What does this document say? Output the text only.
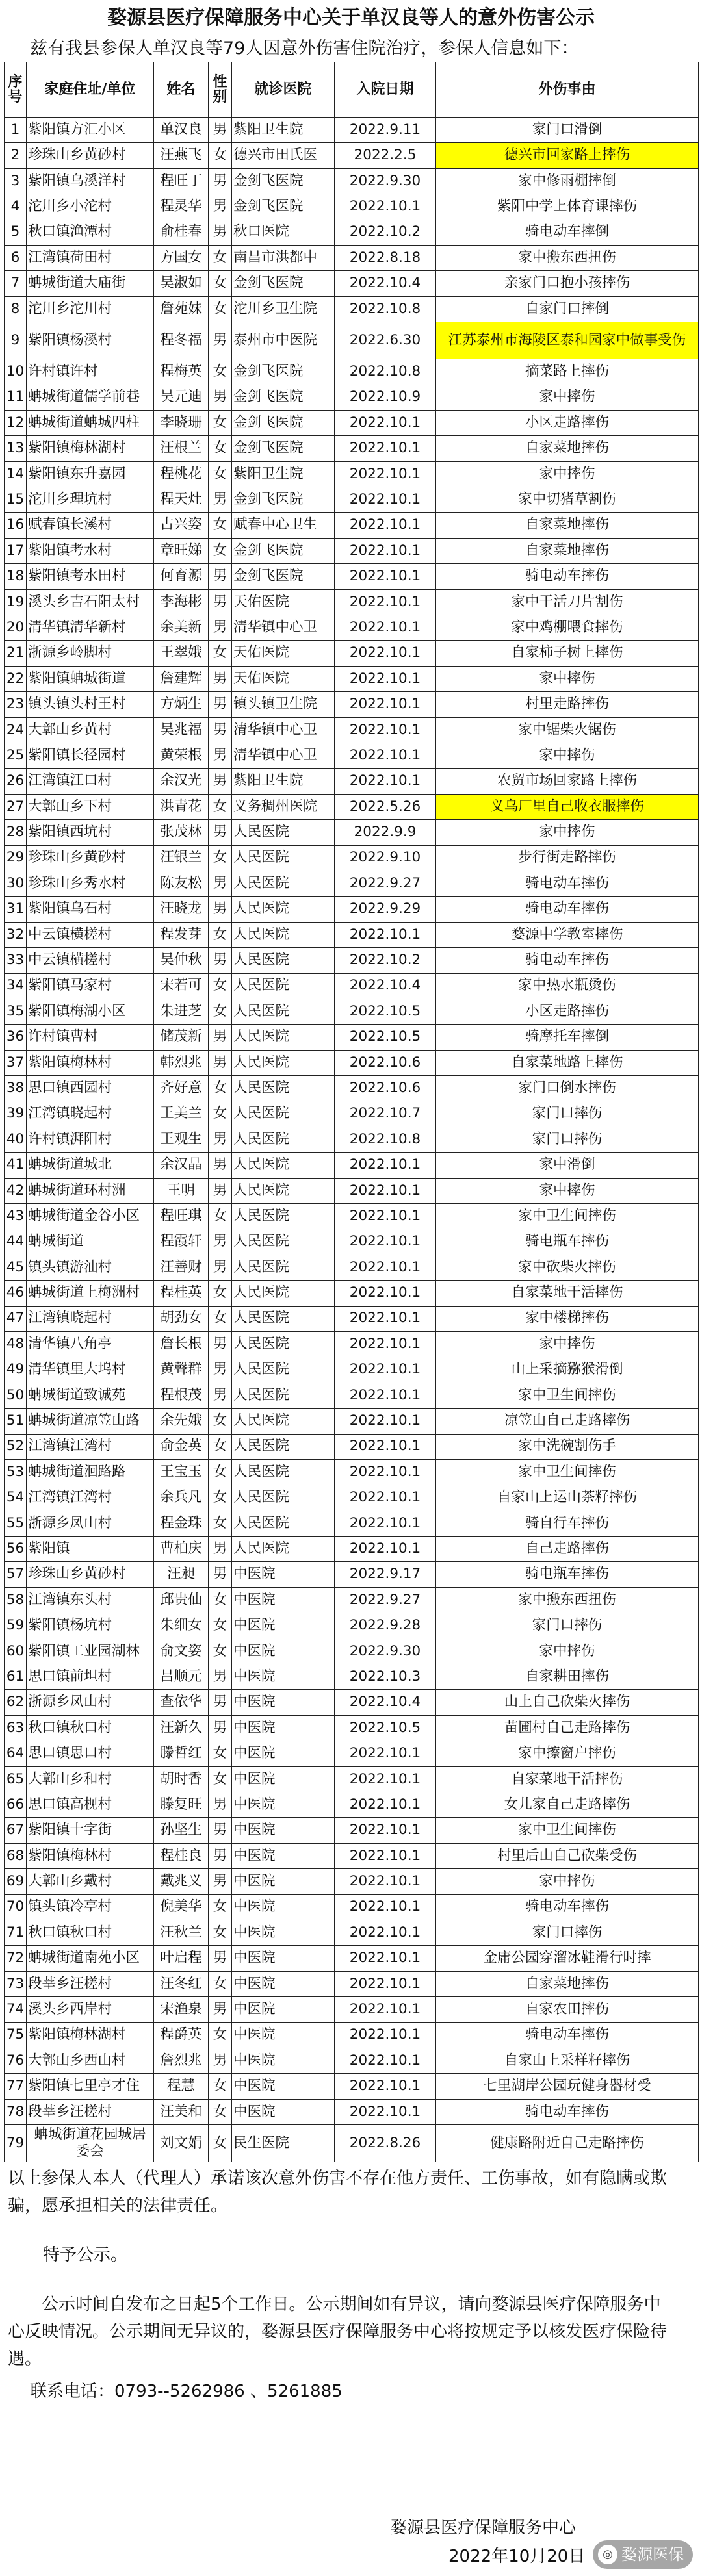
婺源县医疗保障服务中心关于单汉良等人的意外伤害公示
兹有我县参保人单汉良等79人因意外伤害住院治疗，参保人信息如下：
序号	家庭住址/单位	姓名	性别	就诊医院	入院日期	外伤事由
1	紫阳镇方汇小区	单汉良	男	紫阳卫生院	2022.9.11	家门口滑倒
2	珍珠山乡黄砂村	汪燕飞	女	德兴市田氏医	2022.2.5	德兴市回家路上摔伤
3	紫阳镇乌溪洋村	程旺丁	男	金剑飞医院	2022.9.30	家中修雨棚摔倒
4	沱川乡小沱村	程灵华	男	金剑飞医院	2022.10.1	紫阳中学上体育课摔伤
5	秋口镇渔潭村	俞桂春	男	秋口医院	2022.10.2	骑电动车摔倒
6	江湾镇荷田村	方国女	女	南昌市洪都中	2022.8.18	家中搬东西扭伤
7	蚺城街道大庙街	吴淑如	女	金剑飞医院	2022.10.4	亲家门口抱小孩摔伤
8	沱川乡沱川村	詹苑妹	女	沱川乡卫生院	2022.10.8	自家门口摔倒
9	紫阳镇杨溪村	程冬福	男	泰州市中医院	2022.6.30	江苏泰州市海陵区泰和园家中做事受伤
10	许村镇许村	程梅英	女	金剑飞医院	2022.10.8	摘菜路上摔伤
11	蚺城街道儒学前巷	吴元迪	男	金剑飞医院	2022.10.9	家中摔伤
12	蚺城街道蚺城四柱	李晓珊	女	金剑飞医院	2022.10.1	小区走路摔伤
13	紫阳镇梅林湖村	汪根兰	女	金剑飞医院	2022.10.1	自家菜地摔伤
14	紫阳镇东升嘉园	程桃花	女	紫阳卫生院	2022.10.1	家中摔伤
15	沱川乡理坑村	程天灶	男	金剑飞医院	2022.10.1	家中切猪草割伤
16	赋春镇长溪村	占兴姿	女	赋春中心卫生	2022.10.1	自家菜地摔伤
17	紫阳镇考水村	章旺娣	女	金剑飞医院	2022.10.1	自家菜地摔伤
18	紫阳镇考水田村	何育源	男	金剑飞医院	2022.10.1	骑电动车摔伤
19	溪头乡吉石阳太村	李海彬	男	天佑医院	2022.10.1	家中干活刀片割伤
20	清华镇清华新村	余美新	男	清华镇中心卫	2022.10.1	家中鸡棚喂食摔伤
21	浙源乡岭脚村	王翠娥	女	天佑医院	2022.10.1	自家柿子树上摔伤
22	紫阳镇蚺城街道	詹建辉	男	天佑医院	2022.10.1	家中摔伤
23	镇头镇头村王村	方炳生	男	镇头镇卫生院	2022.10.1	村里走路摔伤
24	大鄣山乡黄村	吴兆福	男	清华镇中心卫	2022.10.1	家中锯柴火锯伤
25	紫阳镇长径园村	黄荣根	男	清华镇中心卫	2022.10.1	家中摔伤
26	江湾镇江口村	余汉光	男	紫阳卫生院	2022.10.1	农贸市场回家路上摔伤
27	大鄣山乡下村	洪青花	女	义务稠州医院	2022.5.26	义乌厂里自己收衣服摔伤
28	紫阳镇西坑村	张茂林	男	人民医院	2022.9.9	家中摔伤
29	珍珠山乡黄砂村	汪银兰	女	人民医院	2022.9.10	步行街走路摔伤
30	珍珠山乡秀水村	陈友松	男	人民医院	2022.9.27	骑电动车摔伤
31	紫阳镇乌石村	汪晓龙	男	人民医院	2022.9.29	骑电动车摔伤
32	中云镇横槎村	程发芽	女	人民医院	2022.10.1	婺源中学教室摔伤
33	中云镇横槎村	吴仲秋	男	人民医院	2022.10.2	骑电动车摔伤
34	紫阳镇马家村	宋若可	女	人民医院	2022.10.4	家中热水瓶烫伤
35	紫阳镇梅湖小区	朱进芝	女	人民医院	2022.10.5	小区走路摔伤
36	许村镇曹村	储茂新	男	人民医院	2022.10.5	骑摩托车摔倒
37	紫阳镇梅林村	韩烈兆	男	人民医院	2022.10.6	自家菜地路上摔伤
38	思口镇西园村	齐好意	女	人民医院	2022.10.6	家门口倒水摔伤
39	江湾镇晓起村	王美兰	女	人民医院	2022.10.7	家门口摔伤
40	许村镇湃阳村	王观生	男	人民医院	2022.10.8	家门口摔伤
41	蚺城街道城北	余汉晶	男	人民医院	2022.10.1	家中滑倒
42	蚺城街道环村洲	王明	男	人民医院	2022.10.1	家中摔伤
43	蚺城街道金谷小区	程旺琪	女	人民医院	2022.10.1	家中卫生间摔伤
44	蚺城街道	程霞轩	男	人民医院	2022.10.1	骑电瓶车摔伤
45	镇头镇游汕村	汪善财	男	人民医院	2022.10.1	家中砍柴火摔伤
46	蚺城街道上梅洲村	程桂英	女	人民医院	2022.10.1	自家菜地干活摔伤
47	江湾镇晓起村	胡劲女	女	人民医院	2022.10.1	家中楼梯摔伤
48	清华镇八角亭	詹长根	男	人民医院	2022.10.1	家中摔伤
49	清华镇里大坞村	黄聲群	男	人民医院	2022.10.1	山上采摘猕猴滑倒
50	蚺城街道致诚苑	程根茂	男	人民医院	2022.10.1	家中卫生间摔伤
51	蚺城街道凉笠山路	余先娥	女	人民医院	2022.10.1	凉笠山自己走路摔伤
52	江湾镇江湾村	俞金英	女	人民医院	2022.10.1	家中洗碗割伤手
53	蚺城街道洄路路	王宝玉	女	人民医院	2022.10.1	家中卫生间摔伤
54	江湾镇江湾村	余兵凡	女	人民医院	2022.10.1	自家山上运山茶籽摔伤
55	浙源乡凤山村	程金珠	女	人民医院	2022.10.1	骑自行车摔伤
56	紫阳镇	曹柏庆	男	人民医院	2022.10.1	自己走路摔伤
57	珍珠山乡黄砂村	汪昶	男	中医院	2022.9.17	骑电瓶车摔伤
58	江湾镇东头村	邱贵仙	女	中医院	2022.9.27	家中搬东西扭伤
59	紫阳镇杨坑村	朱细女	女	中医院	2022.9.28	家门口摔伤
60	紫阳镇工业园湖林	俞文姿	女	中医院	2022.9.30	家中摔伤
61	思口镇前坦村	吕顺元	男	中医院	2022.10.3	自家耕田摔伤
62	浙源乡凤山村	查依华	男	中医院	2022.10.4	山上自己砍柴火摔伤
63	秋口镇秋口村	汪新久	男	中医院	2022.10.5	苗圃村自己走路摔伤
64	思口镇思口村	滕哲红	女	中医院	2022.10.1	家中擦窗户摔伤
65	大鄣山乡和村	胡时香	女	中医院	2022.10.1	自家菜地干活摔伤
66	思口镇高枧村	滕复旺	男	中医院	2022.10.1	女儿家自己走路摔伤
67	紫阳镇十字街	孙坚生	男	中医院	2022.10.1	家中卫生间摔伤
68	紫阳镇梅林村	程桂良	男	中医院	2022.10.1	村里后山自己砍柴受伤
69	大鄣山乡戴村	戴兆义	男	中医院	2022.10.1	家中摔伤
70	镇头镇冷亭村	倪美华	女	中医院	2022.10.1	骑电动车摔伤
71	秋口镇秋口村	汪秋兰	女	中医院	2022.10.1	家门口摔伤
72	蚺城街道南苑小区	叶启程	男	中医院	2022.10.1	金庸公园穿溜冰鞋滑行时摔
73	段莘乡汪槎村	汪冬红	女	中医院	2022.10.1	自家菜地摔伤
74	溪头乡西岸村	宋渔泉	男	中医院	2022.10.1	自家农田摔伤
75	紫阳镇梅林湖村	程爵英	女	中医院	2022.10.1	骑电动车摔伤
76	大鄣山乡西山村	詹烈兆	男	中医院	2022.10.1	自家山上采样籽摔伤
77	紫阳镇七里亭才住	程慧	女	中医院	2022.10.1	七里湖岸公园玩健身器材受
78	段莘乡汪槎村	汪美和	女	中医院	2022.10.1	骑电动车摔伤
79	蚺城街道花园城居委会	刘文娟	女	民生医院	2022.8.26	健康路附近自己走路摔伤
以上参保人本人（代理人）承诺该次意外伤害不存在他方责任、工伤事故，如有隐瞒或欺
骗，愿承担相关的法律责任。
特予公示。
　　公示时间自发布之日起5个工作日。公示期间如有异议，请向婺源县医疗保障服务中
心反映情况。公示期间无异议的，婺源县医疗保障服务中心将按规定予以核发医疗保险待
遇。
联系电话：0793--5262986 、5261885
婺源县医疗保障服务中心
2022年10月20日	◎ 婺源医保
